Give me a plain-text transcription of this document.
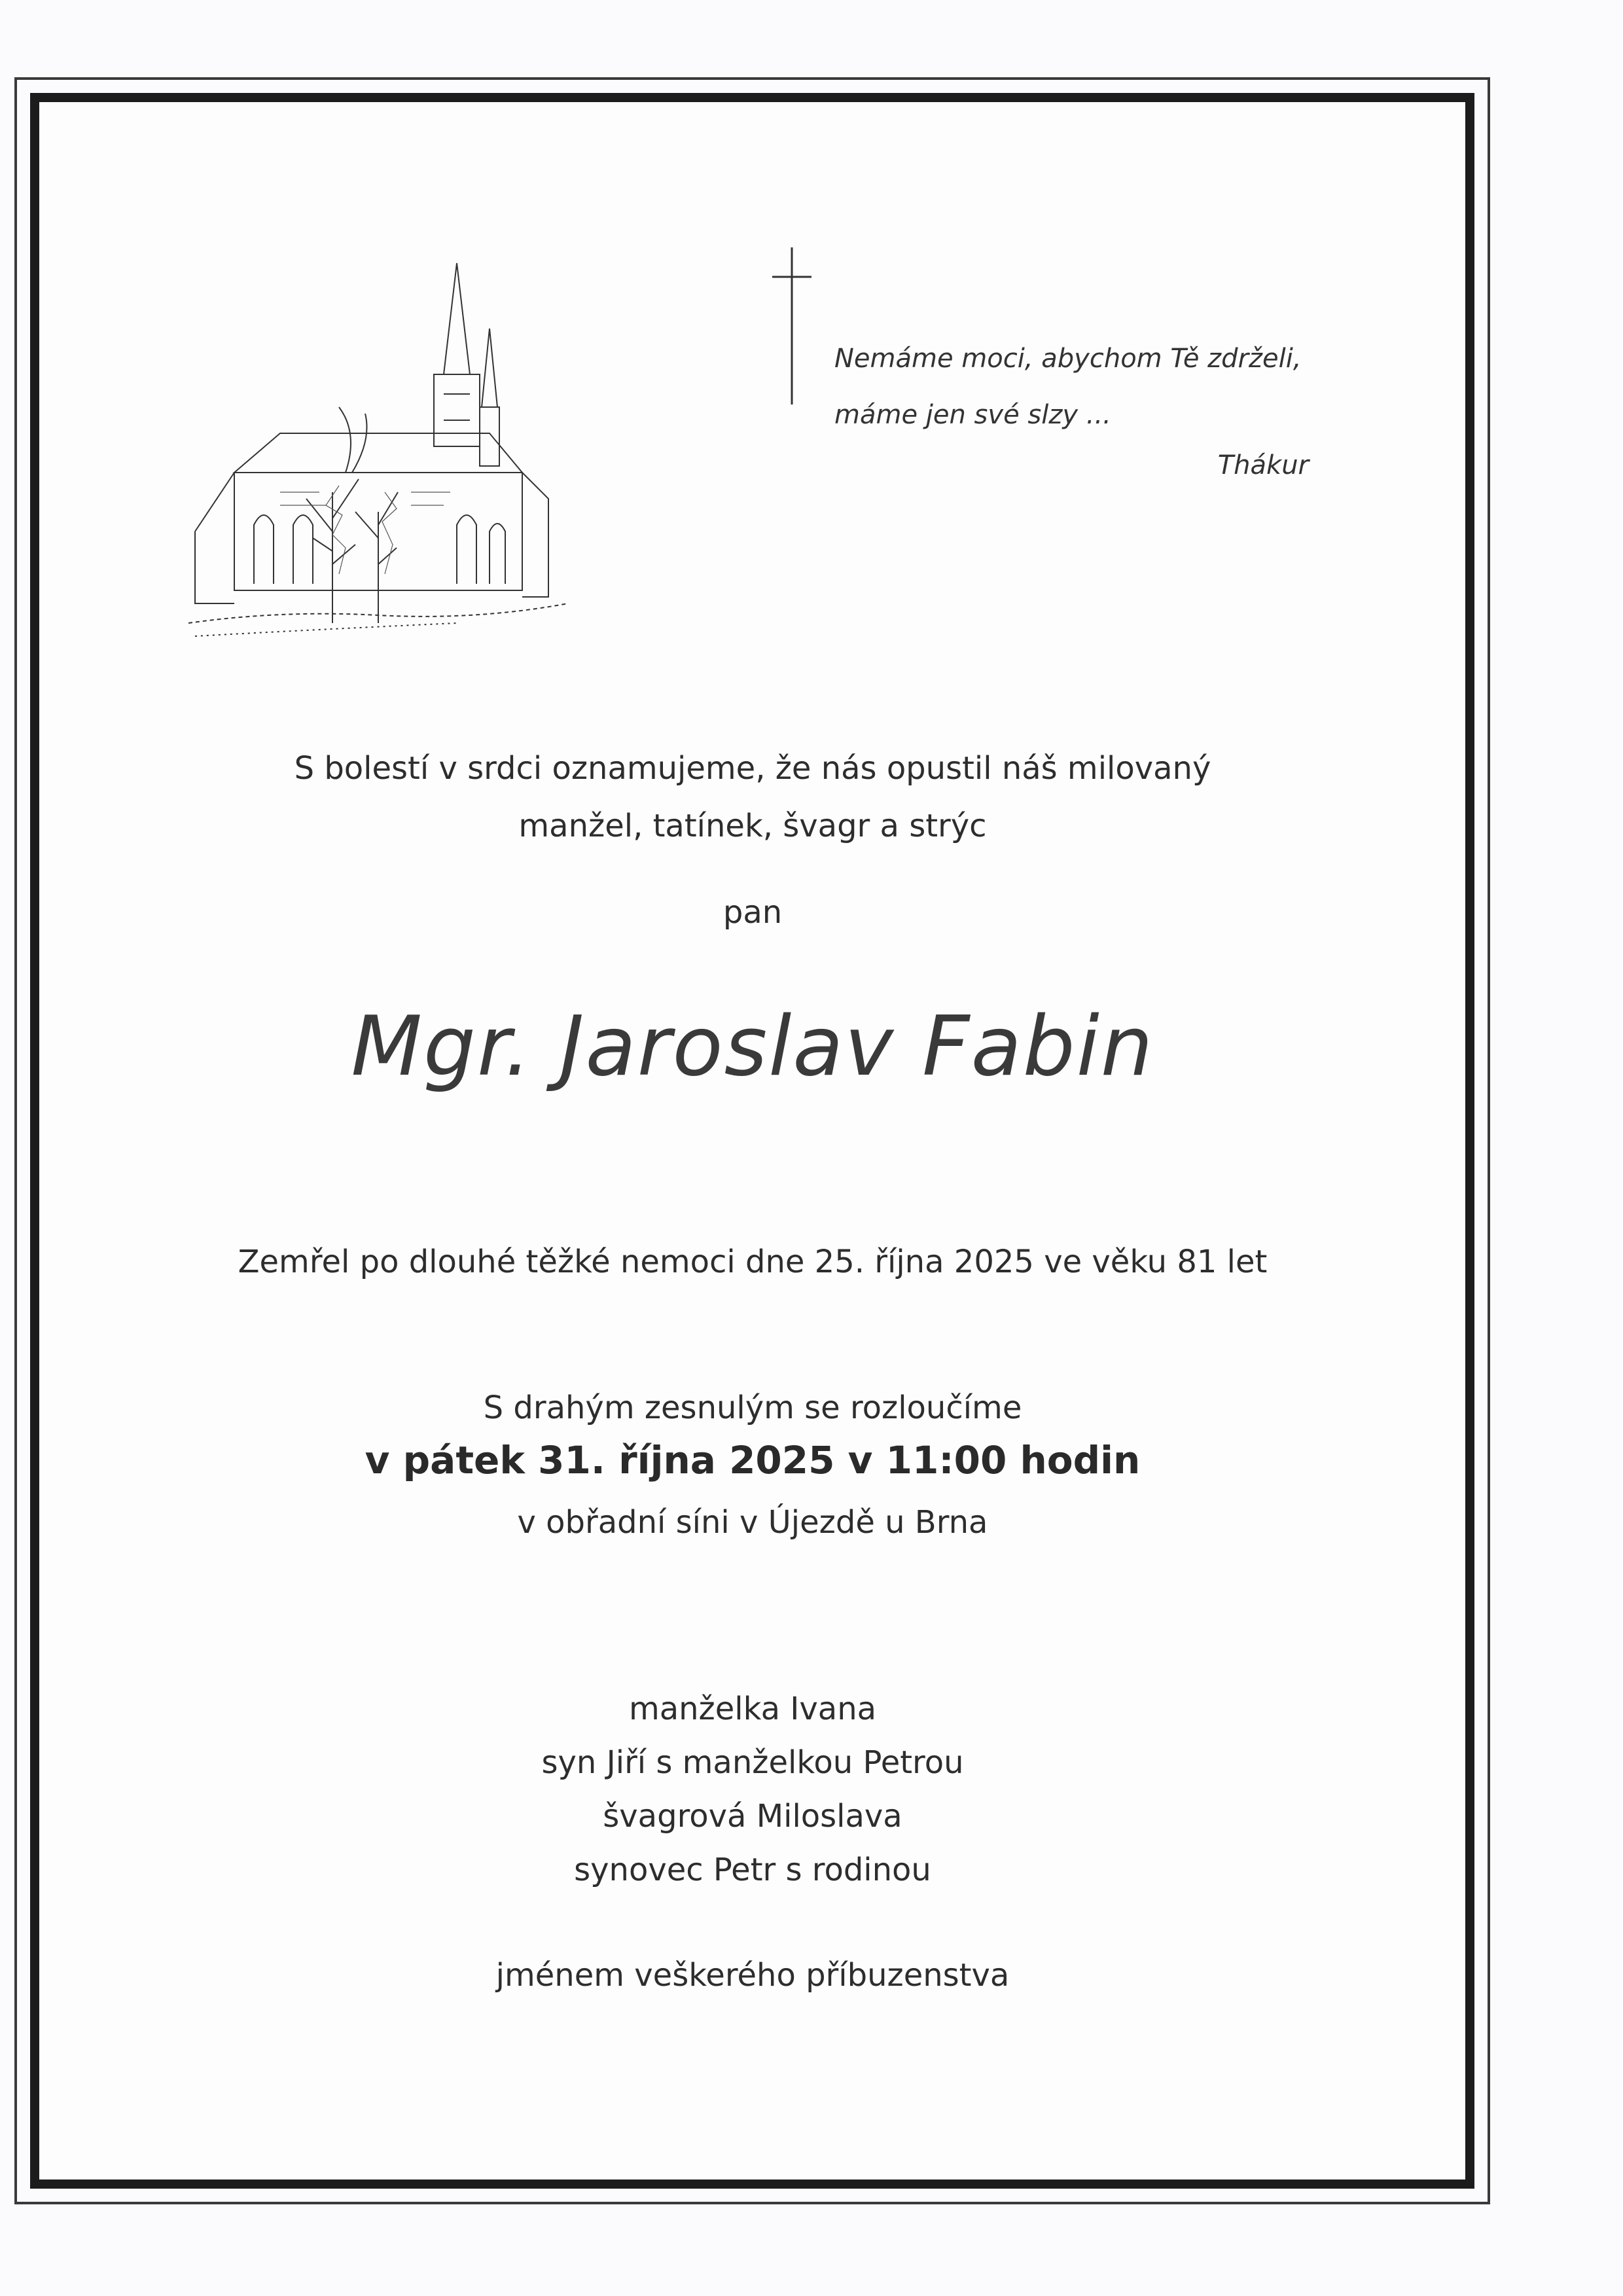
Nemáme moci, abychom Tě zdrželi,
máme jen své slzy ...
Thákur
S bolestí v srdci oznamujeme, že nás opustil náš milovaný
manžel, tatínek, švagr a strýc
pan
Mgr. Jaroslav Fabin
Zemřel po dlouhé těžké nemoci dne 25. října 2025 ve věku 81 let
S drahým zesnulým se rozloučíme
v pátek 31. října 2025 v 11:00 hodin
v obřadní síni v Újezdě u Brna
manželka Ivana
syn Jiří s manželkou Petrou
švagrová Miloslava
synovec Petr s rodinou
jménem veškerého příbuzenstva
